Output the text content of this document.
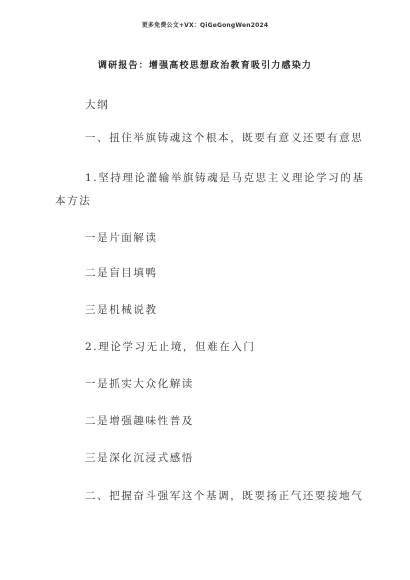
更多免费公文+VX：QiGeGongWen2024
调研报告：增强高校思想政治教育吸引力感染力
大纲
一、扭住举旗铸魂这个根本，既要有意义还要有意思
1.坚持理论灌输举旗铸魂是马克思主义理论学习的基
本方法
一是片面解读
二是盲目填鸭
三是机械说教
2.理论学习无止境，但难在入门
一是抓实大众化解读
二是增强趣味性普及
三是深化沉浸式感悟
二、把握奋斗强军这个基调，既要扬正气还要接地气
